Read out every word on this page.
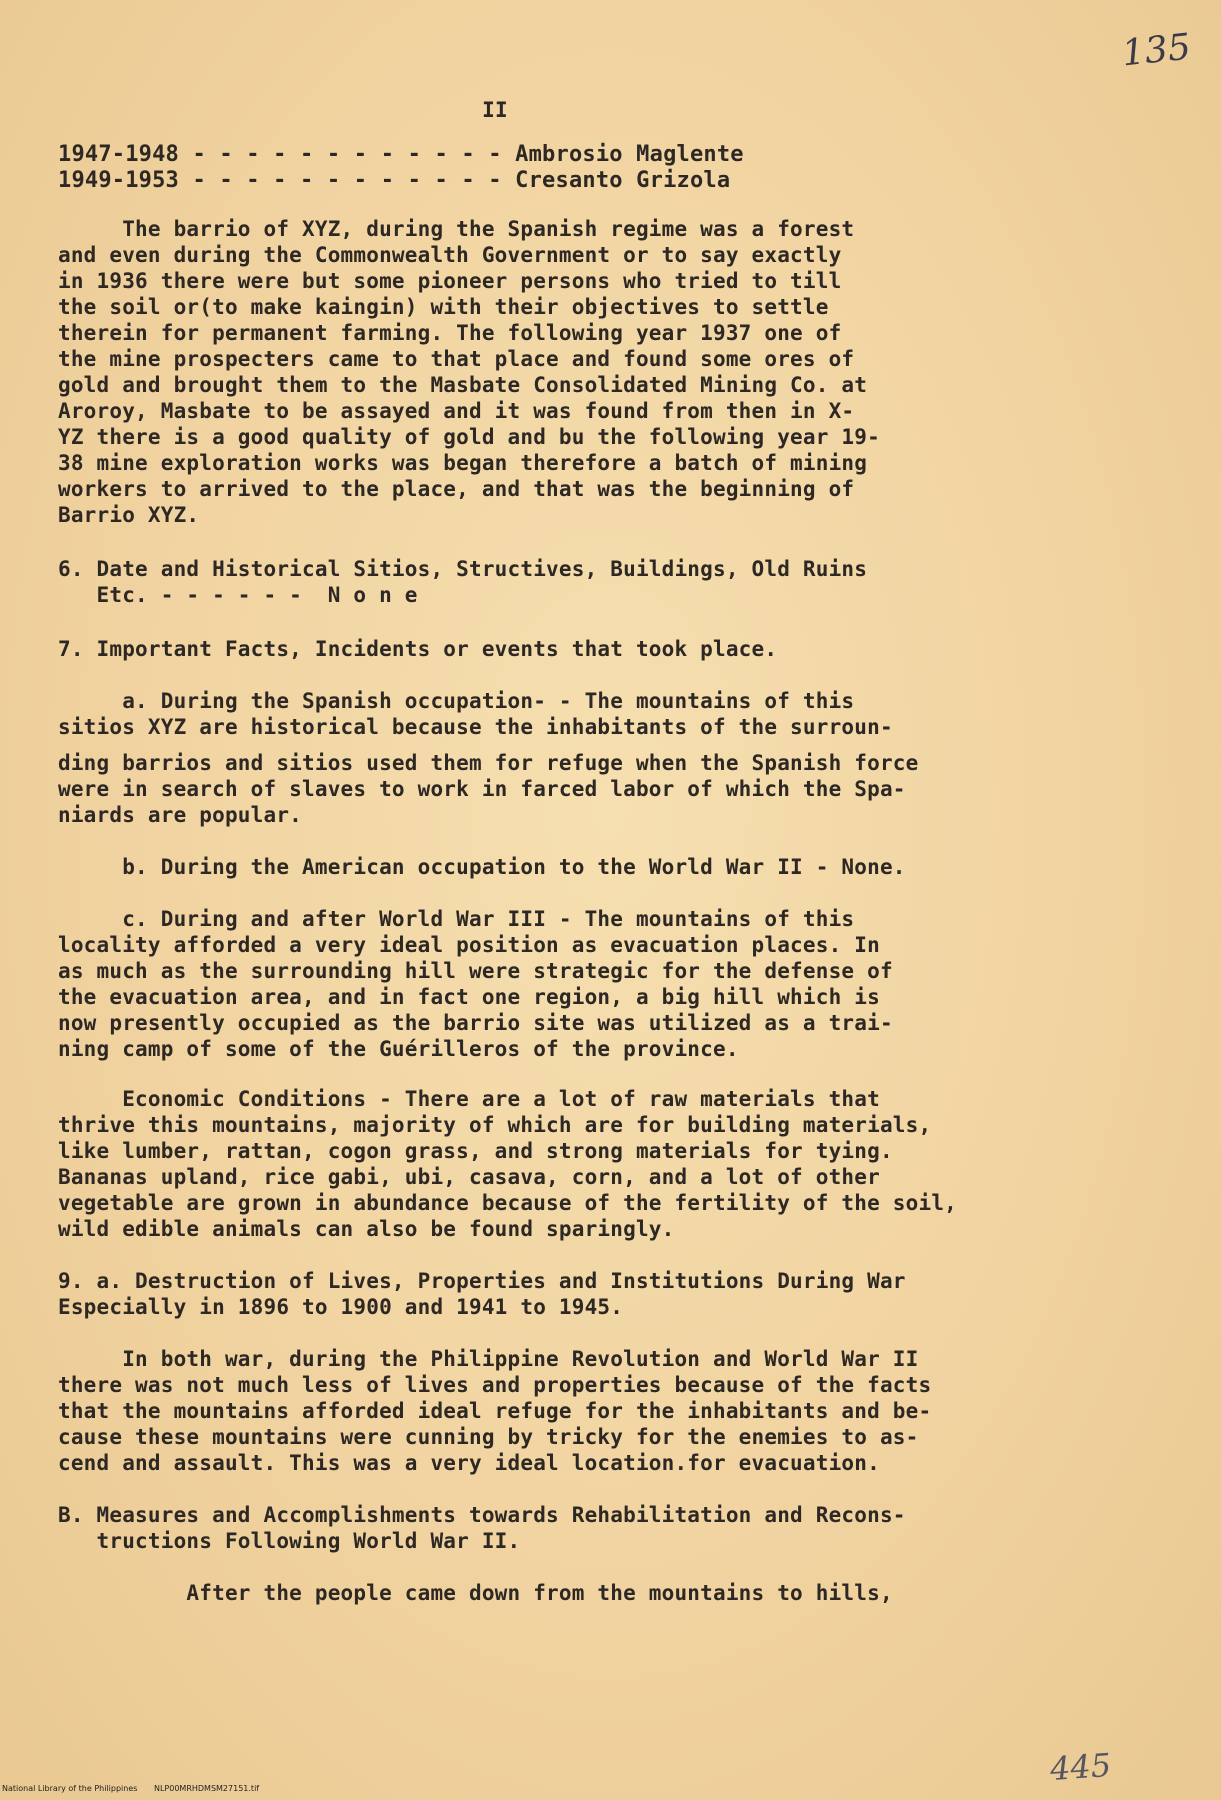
135
II
1947-1948 - - - - - - - - - - - - Ambrosio Maglente
1949-1953 - - - - - - - - - - - - Cresanto Grizola
The barrio of XYZ, during the Spanish regime was a forest
and even during the Commonwealth Government or to say exactly
in 1936 there were but some pioneer persons who tried to till
the soil or(to make kaingin) with their objectives to settle
therein for permanent farming. The following year 1937 one of
the mine prospecters came to that place and found some ores of
gold and brought them to the Masbate Consolidated Mining Co. at
Aroroy, Masbate to be assayed and it was found from then in X-
YZ there is a good quality of gold and bu the following year 19-
38 mine exploration works was began therefore a batch of mining
workers to arrived to the place, and that was the beginning of
Barrio XYZ.
6. Date and Historical Sitios, Structives, Buildings, Old Ruins
Etc. - - - - - -  N o n e
7. Important Facts, Incidents or events that took place.
a. During the Spanish occupation- - The mountains of this
sitios XYZ are historical because the inhabitants of the surroun-
ding barrios and sitios used them for refuge when the Spanish force
were in search of slaves to work in farced labor of which the Spa-
niards are popular.
b. During the American occupation to the World War II - None.
c. During and after World War III - The mountains of this
locality afforded a very ideal position as evacuation places. In
as much as the surrounding hill were strategic for the defense of
the evacuation area, and in fact one region, a big hill which is
now presently occupied as the barrio site was utilized as a trai-
ning camp of some of the Guérilleros of the province.
Economic Conditions - There are a lot of raw materials that
thrive this mountains, majority of which are for building materials,
like lumber, rattan, cogon grass, and strong materials for tying.
Bananas upland, rice gabi, ubi, casava, corn, and a lot of other
vegetable are grown in abundance because of the fertility of the soil,
wild edible animals can also be found sparingly.
9. a. Destruction of Lives, Properties and Institutions During War
Especially in 1896 to 1900 and 1941 to 1945.
In both war, during the Philippine Revolution and World War II
there was not much less of lives and properties because of the facts
that the mountains afforded ideal refuge for the inhabitants and be-
cause these mountains were cunning by tricky for the enemies to as-
cend and assault. This was a very ideal location.for evacuation.
B. Measures and Accomplishments towards Rehabilitation and Recons-
tructions Following World War II.
After the people came down from the mountains to hills,
445
National Library of the Philippines NLP00MRHDMSM27151.tif
